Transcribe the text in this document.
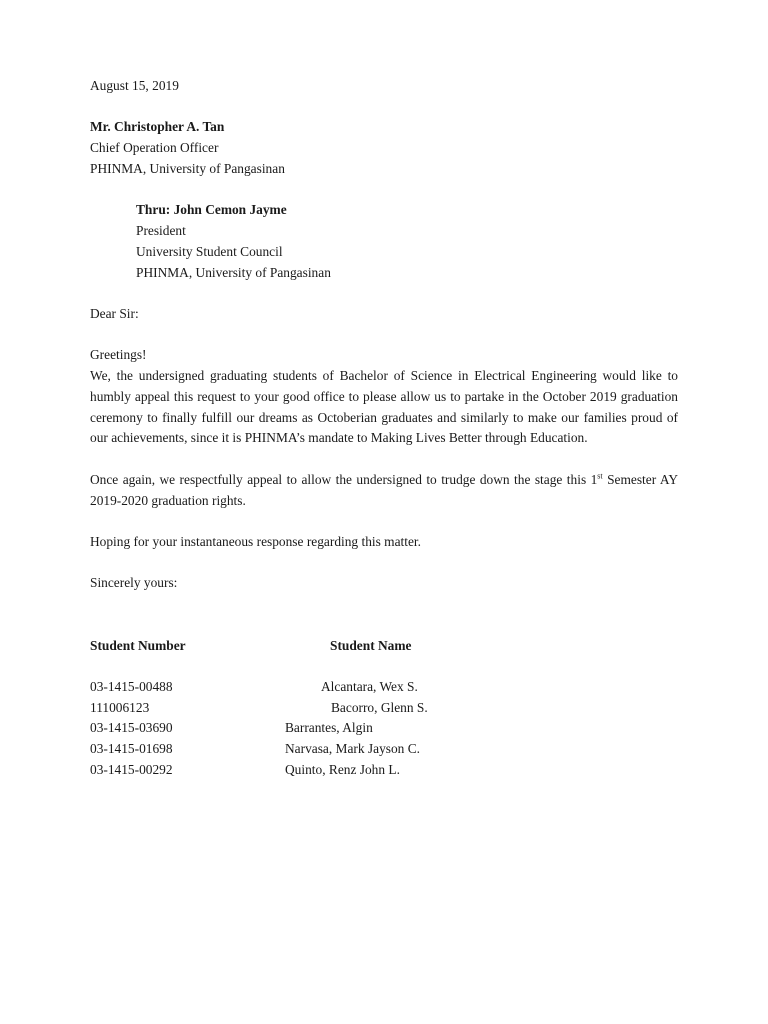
August 15, 2019
Mr. Christopher A. Tan
Chief Operation Officer
PHINMA, University of Pangasinan
Thru: John Cemon Jayme
President
University Student Council
PHINMA, University of Pangasinan
Dear Sir:
Greetings!
We, the undersigned graduating students of Bachelor of Science in Electrical Engineering would like to humbly appeal this request to your good office to please allow us to partake in the October 2019 graduation ceremony to finally fulfill our dreams as Octoberian graduates and similarly to make our families proud of our achievements, since it is PHINMA’s mandate to Making Lives Better through Education.
Once again, we respectfully appeal to allow the undersigned to trudge down the stage this 1st Semester AY 2019-2020 graduation rights.
Hoping for your instantaneous response regarding this matter.
Sincerely yours:
Student Number	Student Name
03-1415-00488	Alcantara, Wex S.
111006123	Bacorro, Glenn S.
03-1415-03690	Barrantes, Algin
03-1415-01698	Narvasa, Mark Jayson C.
03-1415-00292	Quinto, Renz John L.
